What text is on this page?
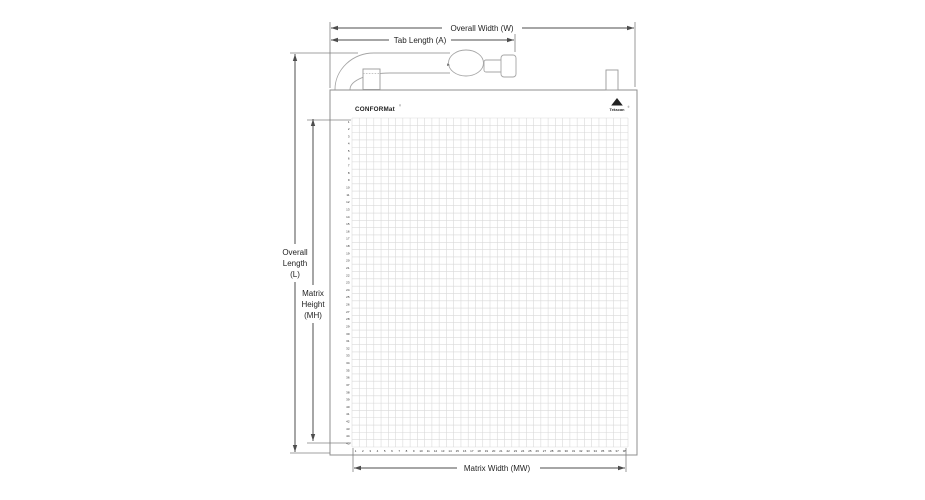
CONFORMat
®
Tekscan
®
1
2
3
4
5
6
7
8
9
10
11
12
13
14
15
16
17
18
19
20
21
22
23
24
25
26
27
28
29
30
31
32
33
34
35
36
37
38
39
40
41
42
43
44
45
1 2 3 4 5 6 7 8 9 10 11 12 13 14 15 16 17 18 19 20 21 22 23 24 25 26 27 28 29 30 31 32 33 34 35 36 37 38
h
Overall Width (W)
Tab Length (A)
Overall
Length
(L)
Matrix
Height
(MH)
Matrix Width (MW)
